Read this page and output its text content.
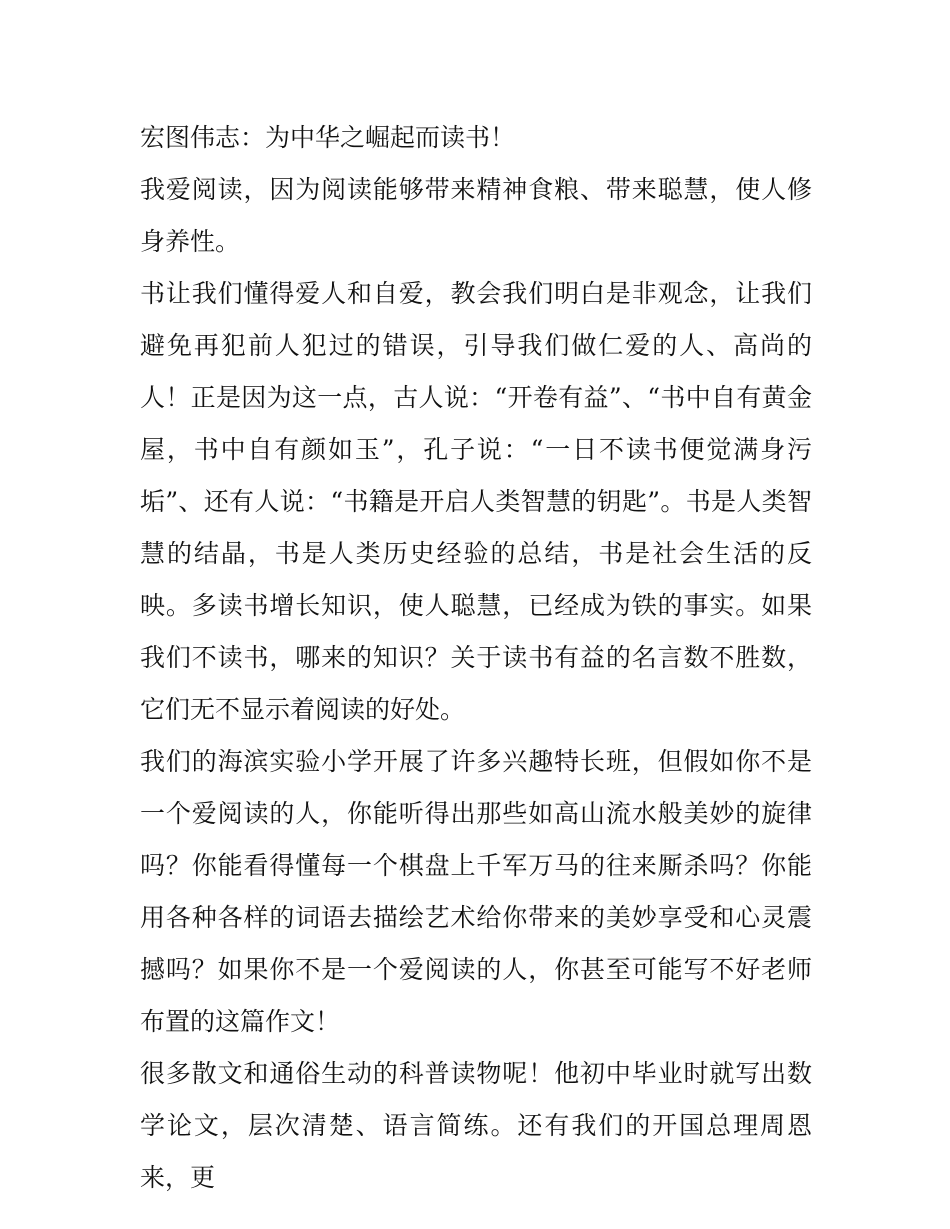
宏图伟志：为中华之崛起而读书！

我爱阅读，因为阅读能够带来精神食粮、带来聪慧，使人修身养性。

书让我们懂得爱人和自爱，教会我们明白是非观念，让我们避免再犯前人犯过的错误，引导我们做仁爱的人、高尚的人！正是因为这一点，古人说：“开卷有益”、“书中自有黄金屋，书中自有颜如玉”，孔子说：“一日不读书便觉满身污垢”、还有人说：“书籍是开启人类智慧的钥匙”。书是人类智慧的结晶，书是人类历史经验的总结，书是社会生活的反映。多读书增长知识，使人聪慧，已经成为铁的事实。如果我们不读书，哪来的知识？关于读书有益的名言数不胜数，它们无不显示着阅读的好处。

我们的海滨实验小学开展了许多兴趣特长班，但假如你不是一个爱阅读的人，你能听得出那些如高山流水般美妙的旋律吗？你能看得懂每一个棋盘上千军万马的往来厮杀吗？你能用各种各样的词语去描绘艺术给你带来的美妙享受和心灵震撼吗？如果你不是一个爱阅读的人，你甚至可能写不好老师布置的这篇作文！

很多散文和通俗生动的科普读物呢！他初中毕业时就写出数学论文，层次清楚、语言简练。还有我们的开国总理周恩来，更
